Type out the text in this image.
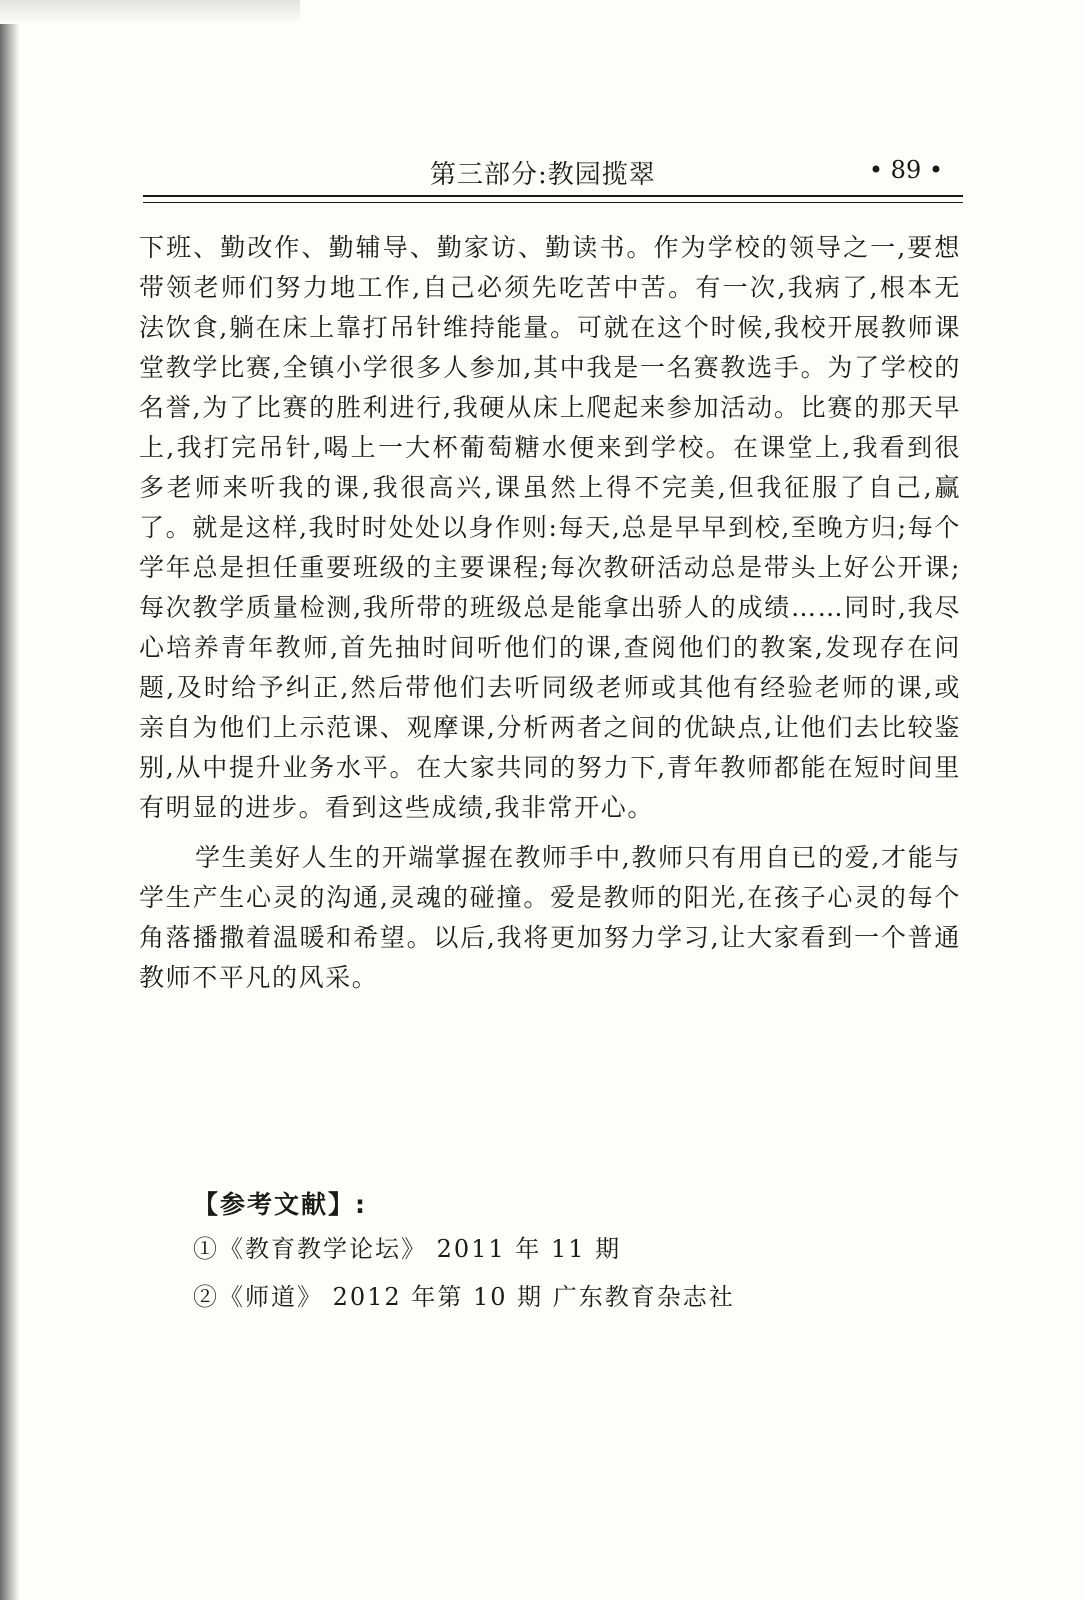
第三部分:教园揽翠	• 89 •

下班、勤改作、勤辅导、勤家访、勤读书。作为学校的领导之一,要想带领老师们努力地工作,自己必须先吃苦中苦。有一次,我病了,根本无法饮食,躺在床上靠打吊针维持能量。可就在这个时候,我校开展教师课堂教学比赛,全镇小学很多人参加,其中我是一名赛教选手。为了学校的名誉,为了比赛的胜利进行,我硬从床上爬起来参加活动。比赛的那天早上,我打完吊针,喝上一大杯葡萄糖水便来到学校。在课堂上,我看到很多老师来听我的课,我很高兴,课虽然上得不完美,但我征服了自己,赢了。就是这样,我时时处处以身作则:每天,总是早早到校,至晚方归;每个学年总是担任重要班级的主要课程;每次教研活动总是带头上好公开课;每次教学质量检测,我所带的班级总是能拿出骄人的成绩……同时,我尽心培养青年教师,首先抽时间听他们的课,查阅他们的教案,发现存在问题,及时给予纠正,然后带他们去听同级老师或其他有经验老师的课,或亲自为他们上示范课、观摩课,分析两者之间的优缺点,让他们去比较鉴别,从中提升业务水平。在大家共同的努力下,青年教师都能在短时间里有明显的进步。看到这些成绩,我非常开心。

学生美好人生的开端掌握在教师手中,教师只有用自已的爱,才能与学生产生心灵的沟通,灵魂的碰撞。爱是教师的阳光,在孩子心灵的每个角落播撒着温暖和希望。以后,我将更加努力学习,让大家看到一个普通教师不平凡的风采。

【参考文献】:
①《教育教学论坛》 2011 年 11 期
②《师道》 2012 年第 10 期 广东教育杂志社
